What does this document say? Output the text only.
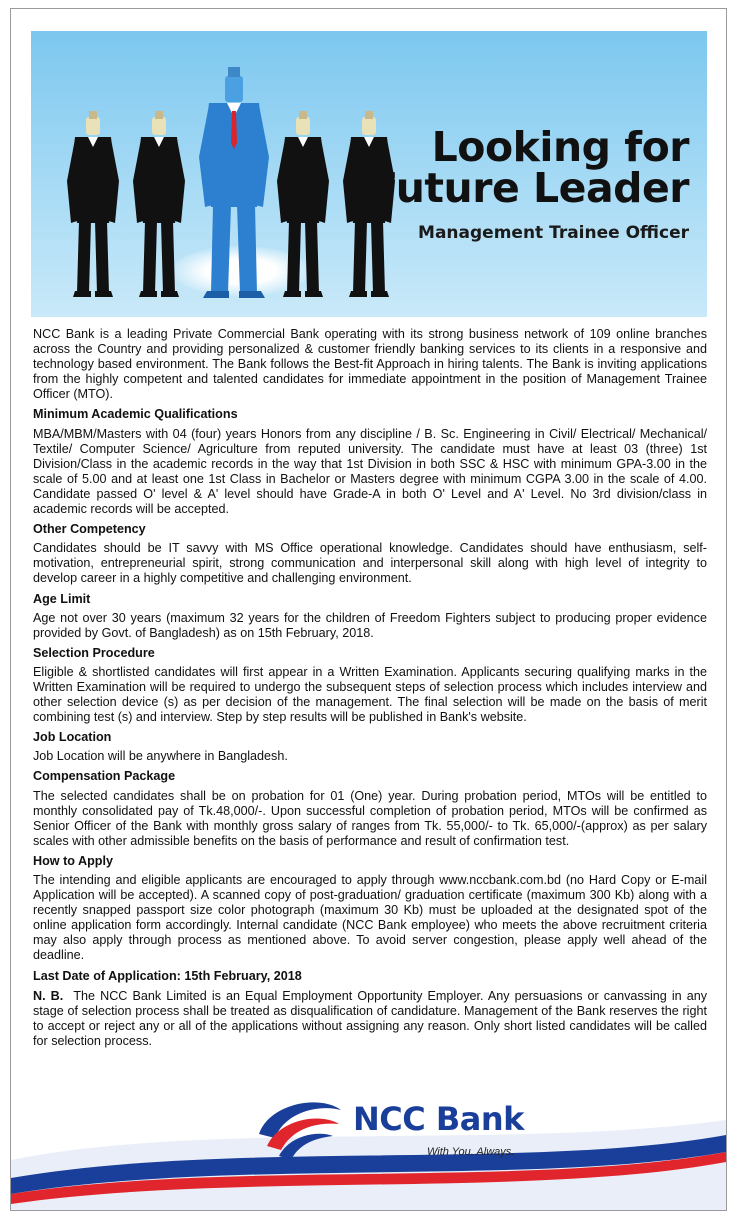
Looking for
Future Leader
Management Trainee Officer

NCC Bank is a leading Private Commercial Bank operating with its strong business network of 109 online branches across the Country and providing personalized & customer friendly banking services to its clients in a responsive and technology based environment. The Bank follows the Best-fit Approach in hiring talents. The Bank is inviting applications from the highly competent and talented candidates for immediate appointment in the position of Management Trainee Officer (MTO).

Minimum Academic Qualifications

MBA/MBM/Masters with 04 (four) years Honors from any discipline / B. Sc. Engineering in Civil/ Electrical/ Mechanical/ Textile/ Computer Science/ Agriculture from reputed university. The candidate must have at least 03 (three) 1st Division/Class in the academic records in the way that 1st Division in both SSC & HSC with minimum GPA-3.00 in the scale of 5.00 and at least one 1st Class in Bachelor or Masters degree with minimum CGPA 3.00 in the scale of 4.00. Candidate passed O' level & A' level should have Grade-A in both O' Level and A' Level. No 3rd division/class in academic records will be accepted.

Other Competency

Candidates should be IT savvy with MS Office operational knowledge. Candidates should have enthusiasm, self-motivation, entrepreneurial spirit, strong communication and interpersonal skill along with high level of integrity to develop career in a highly competitive and challenging environment.

Age Limit

Age not over 30 years (maximum 32 years for the children of Freedom Fighters subject to producing proper evidence provided by Govt. of Bangladesh) as on 15th February, 2018.

Selection Procedure

Eligible & shortlisted candidates will first appear in a Written Examination. Applicants securing qualifying marks in the Written Examination will be required to undergo the subsequent steps of selection process which includes interview and other selection device (s) as per decision of the management. The final selection will be made on the basis of merit combining test (s) and interview. Step by step results will be published in Bank's website.

Job Location

Job Location will be anywhere in Bangladesh.

Compensation Package

The selected candidates shall be on probation for 01 (One) year. During probation period, MTOs will be entitled to monthly consolidated pay of Tk.48,000/-. Upon successful completion of probation period, MTOs will be confirmed as Senior Officer of the Bank with monthly gross salary of ranges from Tk. 55,000/- to Tk. 65,000/-(approx) as per salary scales with other admissible benefits on the basis of performance and result of confirmation test.

How to Apply

The intending and eligible applicants are encouraged to apply through www.nccbank.com.bd (no Hard Copy or E-mail Application will be accepted). A scanned copy of post-graduation/ graduation certificate (maximum 300 Kb) along with a recently snapped passport size color photograph (maximum 30 Kb) must be uploaded at the designated spot of the online application form accordingly. Internal candidate (NCC Bank employee) who meets the above recruitment criteria may also apply through process as mentioned above. To avoid server congestion, please apply well ahead of the deadline.

Last Date of Application: 15th February, 2018

N. B. The NCC Bank Limited is an Equal Employment Opportunity Employer. Any persuasions or canvassing in any stage of selection process shall be treated as disqualification of candidature. Management of the Bank reserves the right to accept or reject any or all of the applications without assigning any reason. Only short listed candidates will be called for selection process.

NCC Bank
With You. Always.
